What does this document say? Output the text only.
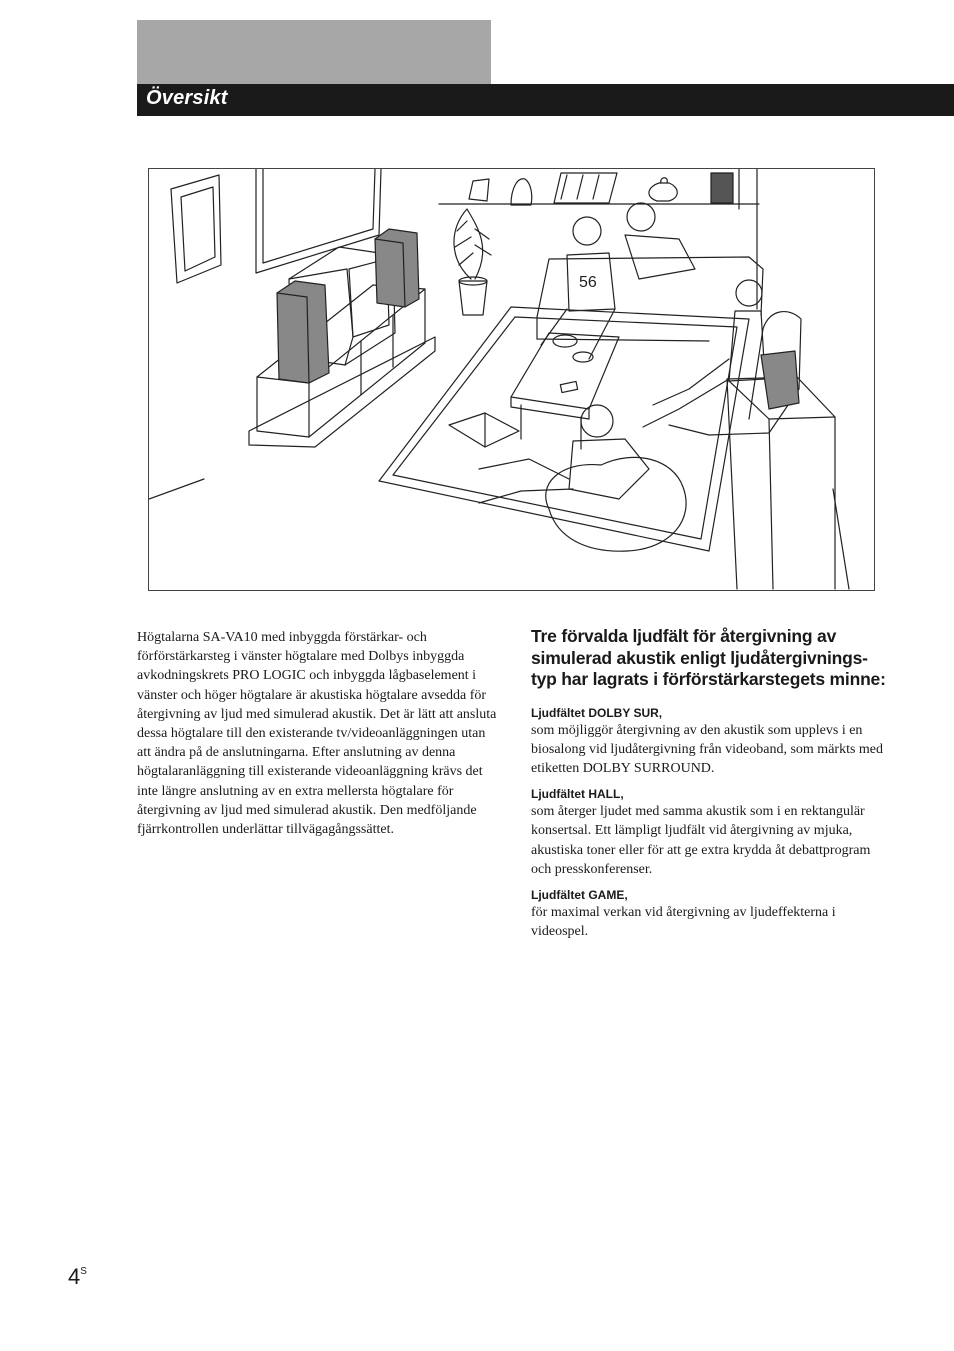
Översikt
56
Högtalarna SA-VA10 med inbyggda förstärkar- och förförstärkarsteg i vänster högtalare med Dolbys inbyggda avkodningskrets PRO LOGIC och inbyggda lågbaselement i vänster och höger högtalare är akustiska högtalare avsedda för återgivning av ljud med simulerad akustik. Det är lätt att ansluta dessa högtalare till den existerande tv/videoanläggningen utan att ändra på de anslutningarna. Efter anslutning av denna högtalaranläggning till existerande videoanläggning krävs det inte längre anslutning av en extra mellersta högtalare för återgivning av ljud med simulerad akustik. Den medföljande fjärrkontrollen underlättar tillvägagångssättet.

Tre förvalda ljudfält för återgivning av simulerad akustik enligt ljudåtergivnings-typ har lagrats i förförstärkarstegets minne:

Ljudfältet DOLBY SUR,

som möjliggör återgivning av den akustik som upplevs i en biosalong vid ljudåtergivning från videoband, som märkts med etiketten DOLBY SURROUND.

Ljudfältet HALL,

som återger ljudet med samma akustik som i en rektangulär konsertsal. Ett lämpligt ljudfält vid återgivning av mjuka, akustiska toner eller för att ge extra krydda åt debattprogram och presskonferenser.

Ljudfältet GAME,

för maximal verkan vid återgivning av ljudeffekterna i videospel.

$4^S$
